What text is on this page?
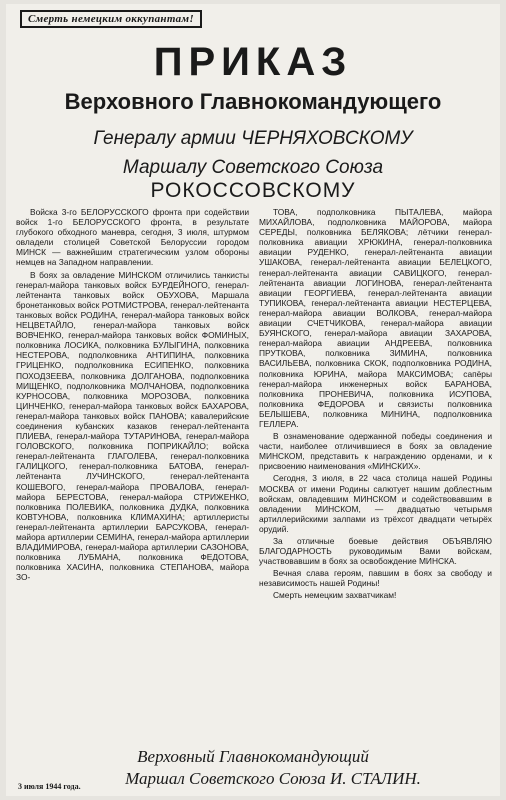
Смерть немецким оккупантам!
ПРИКАЗ
Верховного Главнокомандующего
Генералу армии ЧЕРНЯХОВСКОМУ
Маршалу Советского Союза
РОКОССОВСКОМУ

Войска 3-го БЕЛОРУССКОГО фронта при содействии войск 1-го БЕЛОРУССКОГО фронта, в результате глубокого обходного маневра, сегодня, 3 июля, штурмом овладели столицей Советской Белоруссии городом МИНСК — важнейшим стратегическим узлом обороны немцев на Западном направлении.

В боях за овладение МИНСКОМ отличились танкисты генерал-майора танковых войск БУРДЕЙНОГО, генерал-лейтенанта танковых войск ОБУХОВА, Маршала бронетанковых войск РОТМИСТРОВА, генерал-лейтенанта танковых войск РОДИНА, генерал-майора танковых войск НЕЦВЕТАЙЛО, генерал-майора танковых войск ВОВЧЕНКО, генерал-майора танковых войск ФОМИНЫХ, полковника ЛОСИКА, полковника БУЛЫГИНА, полковника НЕСТЕРОВА, подполковника АНТИПИНА, полковника ГРИЦЕНКО, подполковника ЕСИПЕНКО, полковника ПОХОДЗЕЕВА, полковника ДОЛГАНОВА, подполковника МИЩЕНКО, подполковника МОЛЧАНОВА, подполковника КУРНОСОВА, полковника МОРОЗОВА, полковника ЦИНЧЕНКО, генерал-майора танковых войск БАХАРОВА, генерал-майора танковых войск ПАНОВА; кавалерийские соединения кубанских казаков генерал-лейтенанта ПЛИЕВА, генерал-майора ТУТАРИНОВА, генерал-майора ГОЛОВСКОГО, полковника ПОПРИКАЙЛО; войска генерал-лейтенанта ГЛАГОЛЕВА, генерал-полковника ГАЛИЦКОГО, генерал-полковника БАТОВА, генерал-лейтенанта ЛУЧИНСКОГО, генерал-лейтенанта КОШЕВОГО, генерал-майора ПРОВАЛОВА, генерал-майора БЕРЕСТОВА, генерал-майора СТРИЖЕНКО, полковника ПОЛЕВИКА, полковника ДУДКА, полковника КОВТУНОВА, полковника КЛИМАХИНА; артиллеристы генерал-лейтенанта артиллерии БАРСУКОВА, генерал-майора артиллерии СЕМИНА, генерал-майора артиллерии ВЛАДИМИРОВА, генерал-майора артиллерии САЗОНОВА, полковника ЛУБМАНА, полковника ФЕДОТОВА, полковника ХАСИНА, полковника СТЕПАНОВА, майора ЗО-

ТОВА, подполковника ПЫТАЛЕВА, майора МИХАЙЛОВА, подполковника МАЙОРОВА, майора СЕРЕДЫ, полковника БЕЛЯКОВА; лётчики генерал-полковника авиации ХРЮКИНА, генерал-полковника авиации РУДЕНКО, генерал-лейтенанта авиации УШАКОВА, генерал-лейтенанта авиации БЕЛЕЦКОГО, генерал-лейтенанта авиации САВИЦКОГО, генерал-лейтенанта авиации ЛОГИНОВА, генерал-лейтенанта авиации ГЕОРГИЕВА, генерал-лейтенанта авиации ТУПИКОВА, генерал-лейтенанта авиации НЕСТЕРЦЕВА, генерал-майора авиации ВОЛКОВА, генерал-майора авиации СЧЕТЧИКОВА, генерал-майора авиации БУЯНСКОГО, генерал-майора авиации ЗАХАРОВА, генерал-майора авиации АНДРЕЕВА, полковника ПРУТКОВА, полковника ЗИМИНА, полковника ВАСИЛЬЕВА, полковника СКОК, подполковника РОДИНА, полковника ЮРИНА, майора МАКСИМОВА; сапёры генерал-майора инженерных войск БАРАНОВА, полковника ПРОНЕВИЧА, полковника ИСУПОВА, полковника ФЕДОРОВА и связисты полковника БЕЛЫШЕВА, полковника МИНИНА, подполковника ГЕЛЛЕРА.

В ознаменование одержанной победы соединения и части, наиболее отличившиеся в боях за овладение МИНСКОМ, представить к награждению орденами, и к присвоению наименования «МИНСКИХ».

Сегодня, 3 июля, в 22 часа столица нашей Родины МОСКВА от имени Родины салютует нашим доблестным войскам, овладевшим МИНСКОМ и содействовавшим в овладении МИНСКОМ, — двадцатью четырьмя артиллерийскими залпами из трёхсот двадцати четырёх орудий.

За отличные боевые действия ОБЪЯВЛЯЮ БЛАГОДАРНОСТЬ руководимым Вами войскам, участвовавшим в боях за освобождение МИНСКА.

Вечная слава героям, павшим в боях за свободу и независимость нашей Родины!

Смерть немецким захватчикам!

Верховный Главнокомандующий
Маршал Советского Союза И. СТАЛИН.
3 июля 1944 года.
